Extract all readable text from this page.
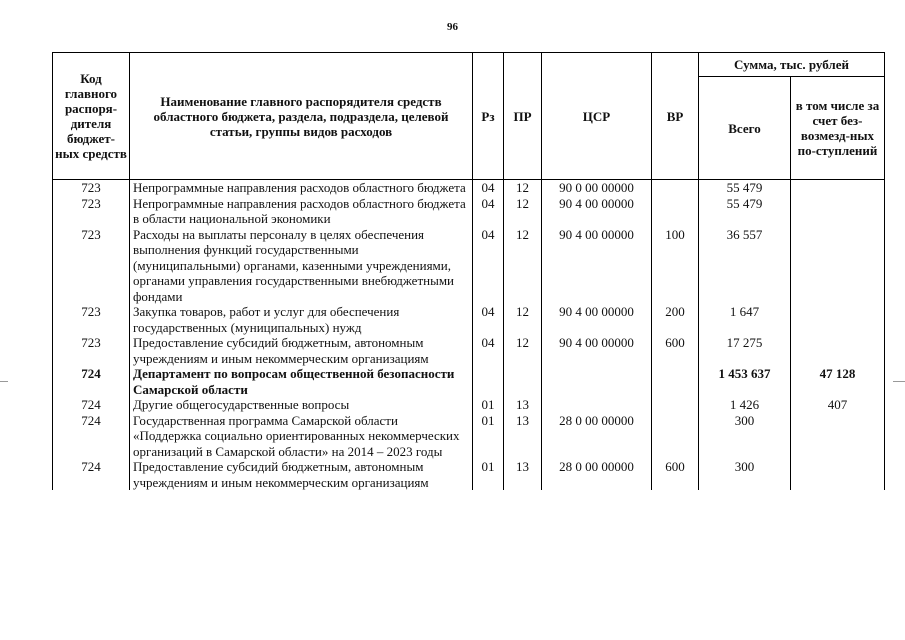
96
Код главного распоря-дителя бюджет-ных средств	Наименование главного распорядителя средств областного бюджета, раздела, подраздела, целевой статьи, группы видов расходов	Рз	ПР	ЦСР	ВР	Сумма, тыс. рублей	
						Всего	в том числе за счет без-возмезд-ных по-ступлений
723	Непрограммные направления расходов областного бюджета	04	12	90 0 00 00000		55 479	
723	Непрограммные направления расходов областного бюджета в области национальной экономики	04	12	90 4 00 00000		55 479	
723	Расходы на выплаты персоналу в целях обеспечения выполнения функций государственными (муниципальными) органами, казенными учреждениями, органами управления государственными внебюджетными фондами	04	12	90 4 00 00000	100	36 557	
723	Закупка товаров, работ и услуг для обеспечения государственных (муниципальных) нужд	04	12	90 4 00 00000	200	1 647	
723	Предоставление субсидий бюджетным, автономным учреждениям и иным некоммерческим организациям	04	12	90 4 00 00000	600	17 275	
724	Департамент по вопросам общественной безопасности Самарской области					1 453 637	47 128
724	Другие общегосударственные вопросы	01	13			1 426	407
724	Государственная программа Самарской области «Поддержка социально ориентированных некоммерческих организаций в Самарской области» на 2014 – 2023 годы	01	13	28 0 00 00000		300	
724	Предоставление субсидий бюджетным, автономным учреждениям и иным некоммерческим организациям	01	13	28 0 00 00000	600	300	
